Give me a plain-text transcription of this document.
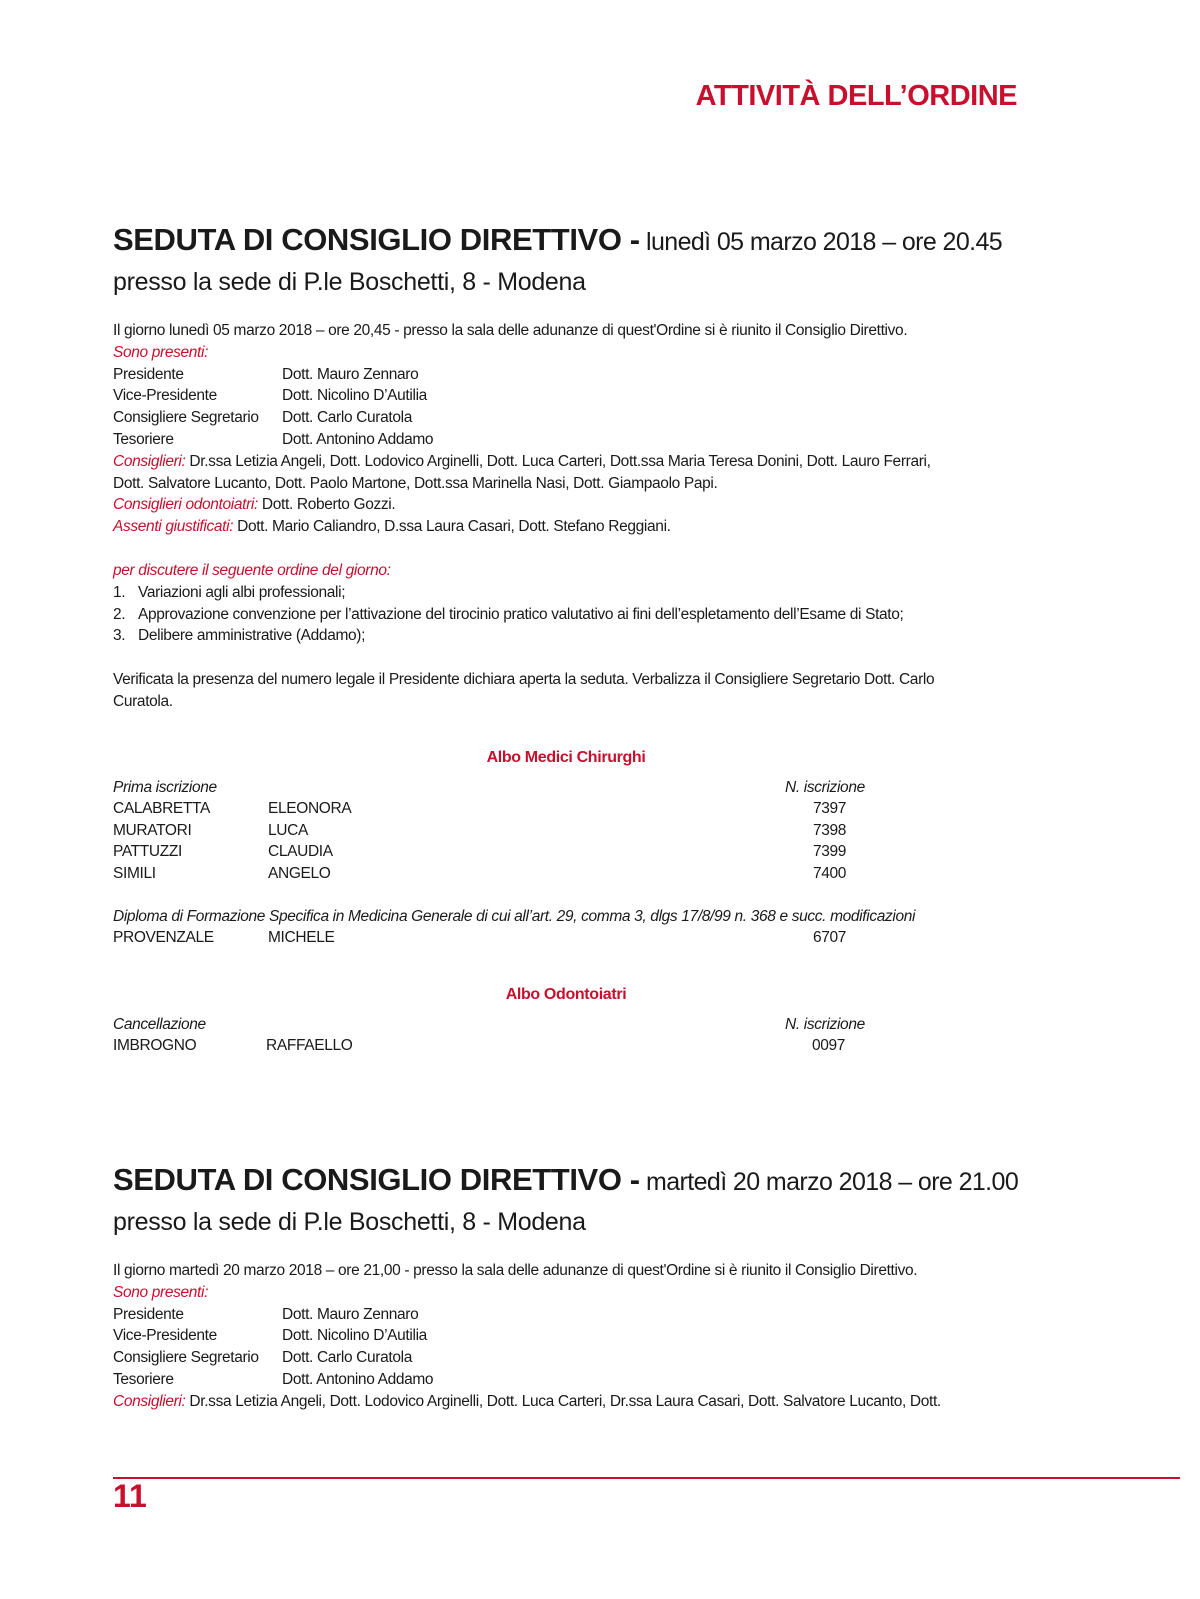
ATTIVITÀ DELL’ORDINE
SEDUTA DI CONSIGLIO DIRETTIVO - lunedì 05 marzo 2018 – ore 20.45
presso la sede di P.le Boschetti, 8 - Modena
Il giorno lunedì 05 marzo 2018 – ore 20,45 - presso la sala delle adunanze di quest'Ordine si è riunito il Consiglio Direttivo.
Sono presenti:
Presidente	Dott. Mauro Zennaro
Vice-Presidente	Dott. Nicolino D’Autilia
Consigliere Segretario	Dott. Carlo Curatola
Tesoriere	Dott. Antonino Addamo
Consiglieri: Dr.ssa Letizia Angeli, Dott. Lodovico Arginelli, Dott. Luca Carteri, Dott.ssa Maria Teresa Donini, Dott. Lauro Ferrari,
Dott. Salvatore Lucanto, Dott. Paolo Martone, Dott.ssa Marinella Nasi, Dott. Giampaolo Papi.
Consiglieri odontoiatri: Dott. Roberto Gozzi.
Assenti giustificati: Dott. Mario Caliandro, D.ssa Laura Casari, Dott. Stefano Reggiani.
per discutere il seguente ordine del giorno:
1. Variazioni agli albi professionali;
2. Approvazione convenzione per l’attivazione del tirocinio pratico valutativo ai fini dell’espletamento dell’Esame di Stato;
3. Delibere amministrative (Addamo);
Verificata la presenza del numero legale il Presidente dichiara aperta la seduta. Verbalizza il Consigliere Segretario Dott. Carlo
Curatola.
Albo Medici Chirurghi
Prima iscrizione	N. iscrizione
CALABRETTA	ELEONORA	7397
MURATORI	LUCA	7398
PATTUZZI	CLAUDIA	7399
SIMILI	ANGELO	7400
Diploma di Formazione Specifica in Medicina Generale di cui all’art. 29, comma 3, dlgs 17/8/99 n. 368 e succ. modificazioni
PROVENZALE	MICHELE	6707
Albo Odontoiatri
Cancellazione	N. iscrizione
IMBROGNO	RAFFAELLO	0097
SEDUTA DI CONSIGLIO DIRETTIVO - martedì 20 marzo 2018 – ore 21.00
presso la sede di P.le Boschetti, 8 - Modena
Il giorno martedì 20 marzo 2018 – ore 21,00 - presso la sala delle adunanze di quest'Ordine si è riunito il Consiglio Direttivo.
Sono presenti:
Presidente	Dott. Mauro Zennaro
Vice-Presidente	Dott. Nicolino D’Autilia
Consigliere Segretario	Dott. Carlo Curatola
Tesoriere	Dott. Antonino Addamo
Consiglieri: Dr.ssa Letizia Angeli, Dott. Lodovico Arginelli, Dott. Luca Carteri, Dr.ssa Laura Casari, Dott. Salvatore Lucanto, Dott.
11
